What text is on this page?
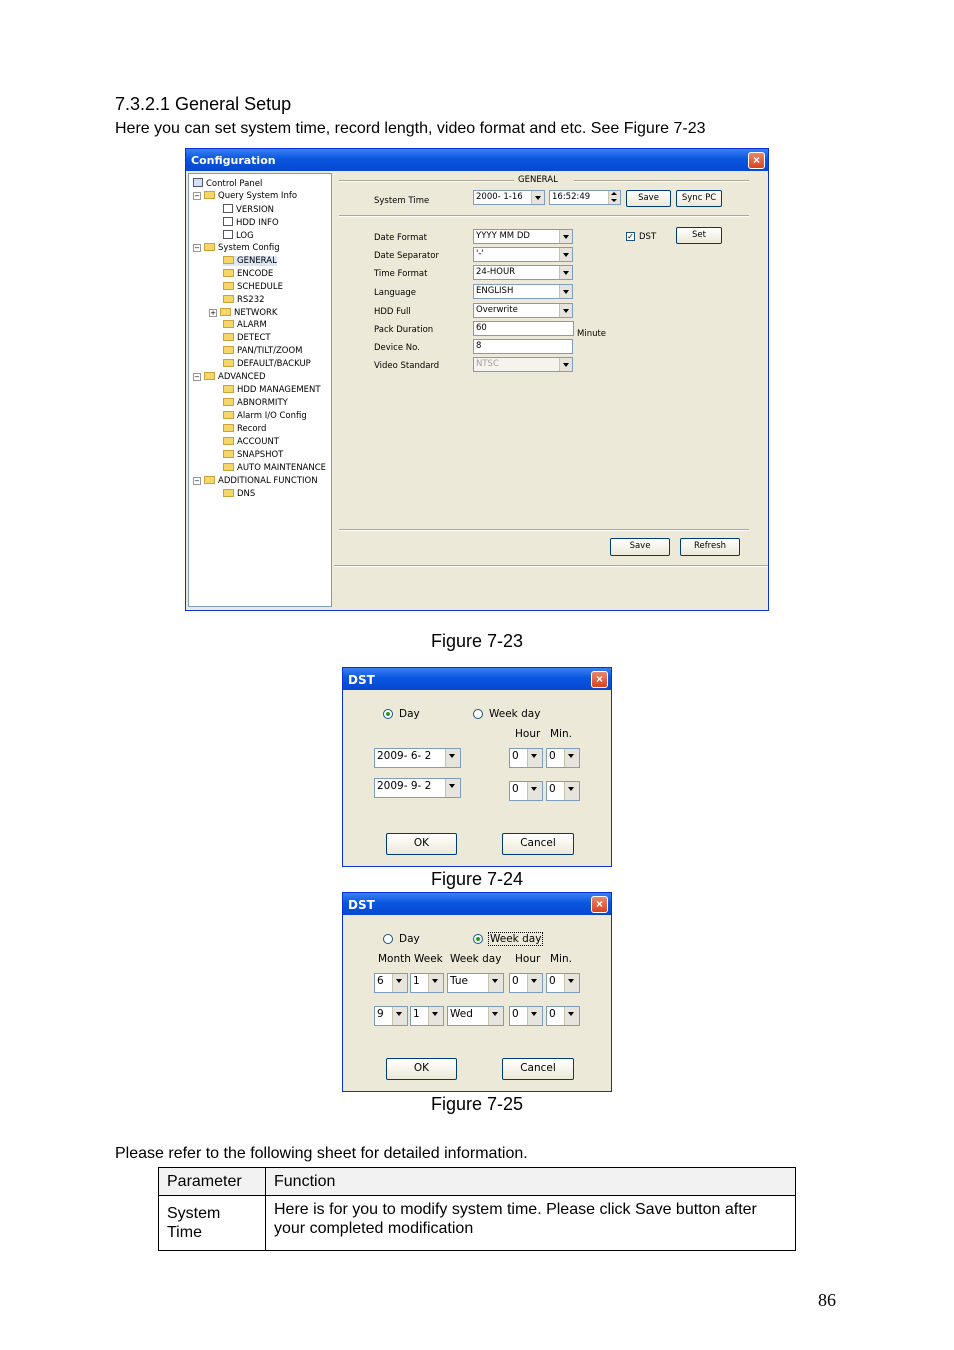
7.3.2.1 General Setup
Here you can set system time, record length, video format and etc. See Figure 7-23
Configuration	×
Control Panel
− Query System Info
VERSION
HDD INFO
LOG
− System Config
GENERAL
ENCODE
SCHEDULE
RS232
+ NETWORK
ALARM
DETECT
PAN/TILT/ZOOM
DEFAULT/BACKUP
− ADVANCED
HDD MANAGEMENT
ABNORMITY
Alarm I/O Config
Record
ACCOUNT
SNAPSHOT
AUTO MAINTENANCE
− ADDITIONAL FUNCTION
DNS
GENERAL
System Time	2000- 1-16	16:52:49	Save	Sync PC
Date Format	YYYY MM DD
Date Separator	'-'
Time Format	24-HOUR
Language	ENGLISH
HDD Full	Overwrite
Pack Duration	60
Device No.	8
Video Standard	NTSC
Minute
✓ DST	Set
Save	Refresh
Figure 7-23
DST	×
Day	Week day
Hour Min.
2009- 6- 2	0	0
2009- 9- 2	0	0
OK	Cancel
Figure 7-24
DST	×
Day	Week day
Month Week Week day Hour Min.
6	1	Tue	0	0
9	1	Wed	0	0
OK	Cancel
Figure 7-25
Please refer to the following sheet for detailed information.
Parameter	Function
System Time	Here is for you to modify system time. Please click Save button after your completed modification
86
